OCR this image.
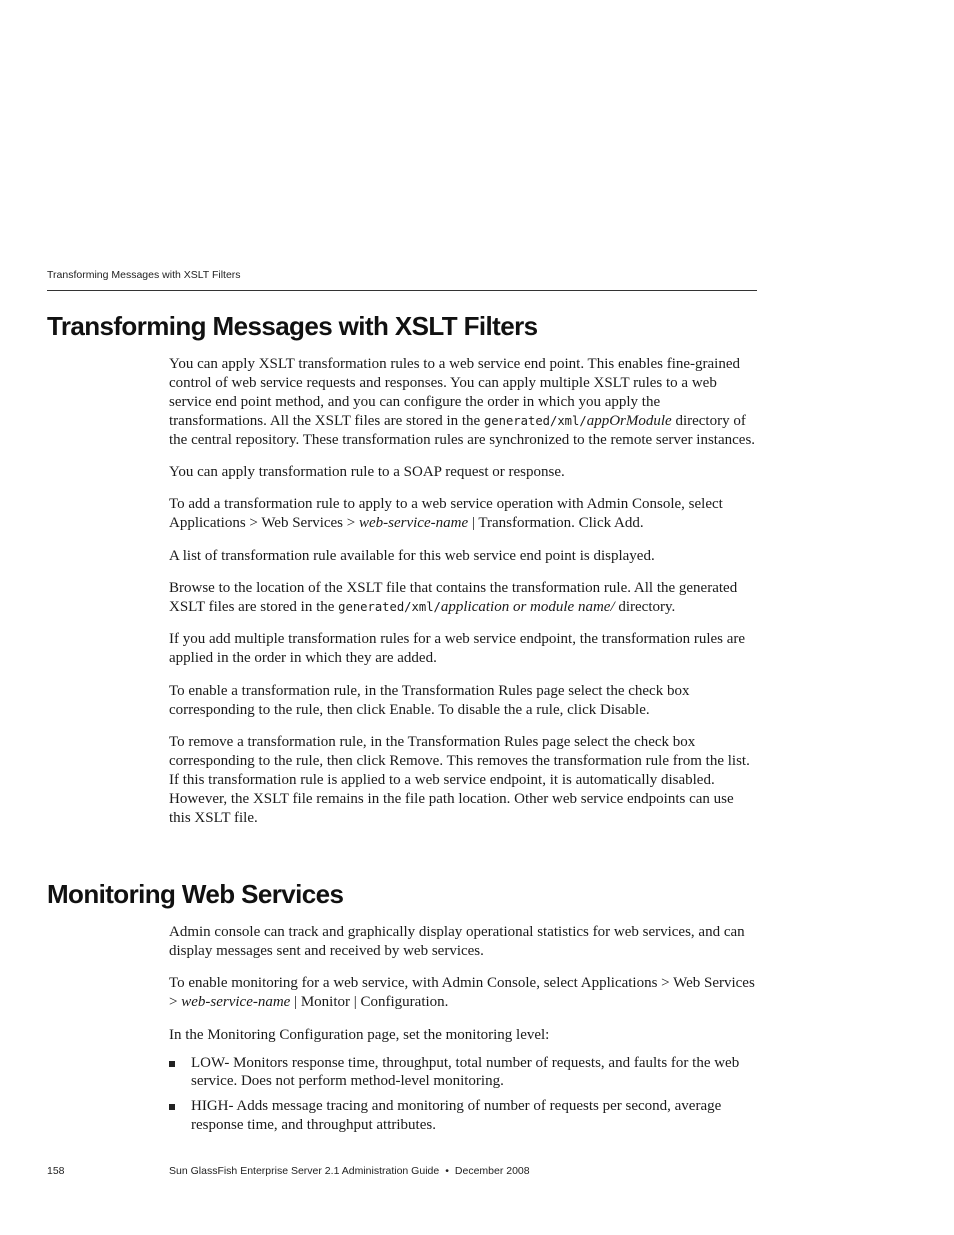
Transforming Messages with XSLT Filters
Transforming Messages with XSLT Filters

You can apply XSLT transformation rules to a web service end point. This enables fine-grained control of web service requests and responses. You can apply multiple XSLT rules to a web service end point method, and you can configure the order in which you apply the transformations. All the XSLT files are stored in the generated/xml/appOrModule directory of the central repository. These transformation rules are synchronized to the remote server instances.

You can apply transformation rule to a SOAP request or response.

To add a transformation rule to apply to a web service operation with Admin Console, select Applications > Web Services > web-service-name | Transformation. Click Add.

A list of transformation rule available for this web service end point is displayed.

Browse to the location of the XSLT file that contains the transformation rule. All the generated XSLT files are stored in the generated/xml/application or module name/ directory.

If you add multiple transformation rules for a web service endpoint, the transformation rules are applied in the order in which they are added.

To enable a transformation rule, in the Transformation Rules page select the check box corresponding to the rule, then click Enable. To disable the a rule, click Disable.

To remove a transformation rule, in the Transformation Rules page select the check box corresponding to the rule, then click Remove. This removes the transformation rule from the list. If this transformation rule is applied to a web service endpoint, it is automatically disabled. However, the XSLT file remains in the file path location. Other web service endpoints can use this XSLT file.

Monitoring Web Services

Admin console can track and graphically display operational statistics for web services, and can display messages sent and received by web services.

To enable monitoring for a web service, with Admin Console, select Applications > Web Services > web-service-name | Monitor | Configuration.

In the Monitoring Configuration page, set the monitoring level:

LOW- Monitors response time, throughput, total number of requests, and faults for the web service. Does not perform method-level monitoring.
HIGH- Adds message tracing and monitoring of number of requests per second, average response time, and throughput attributes.
158	Sun GlassFish Enterprise Server 2.1 Administration Guide • December 2008
